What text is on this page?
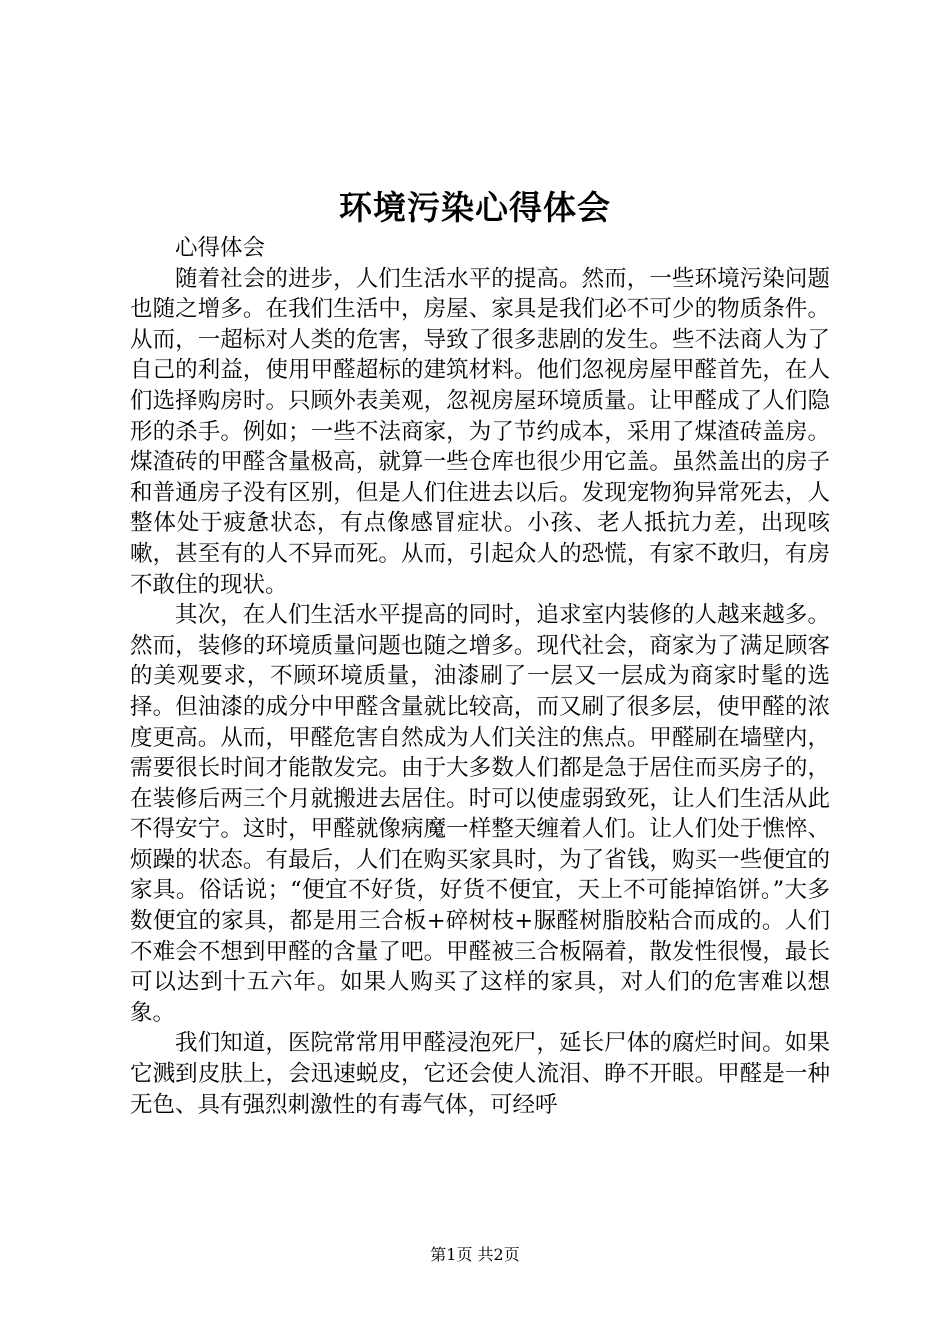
环境污染心得体会

心得体会

随着社会的进步，人们生活水平的提高。然而，一些环境污染问题也随之增多。在我们生活中，房屋、家具是我们必不可少的物质条件。从而，一超标对人类的危害，导致了很多悲剧的发生。些不法商人为了自己的利益，使用甲醛超标的建筑材料。他们忽视房屋甲醛首先，在人们选择购房时。只顾外表美观，忽视房屋环境质量。让甲醛成了人们隐形的杀手。例如；一些不法商家，为了节约成本，采用了煤渣砖盖房。煤渣砖的甲醛含量极高，就算一些仓库也很少用它盖。虽然盖出的房子和普通房子没有区别，但是人们住进去以后。发现宠物狗异常死去，人整体处于疲惫状态，有点像感冒症状。小孩、老人抵抗力差，出现咳嗽，甚至有的人不异而死。从而，引起众人的恐慌，有家不敢归，有房不敢住的现状。

其次，在人们生活水平提高的同时，追求室内装修的人越来越多。然而，装修的环境质量问题也随之增多。现代社会，商家为了满足顾客的美观要求，不顾环境质量，油漆刷了一层又一层成为商家时髦的选择。但油漆的成分中甲醛含量就比较高，而又刷了很多层，使甲醛的浓度更高。从而，甲醛危害自然成为人们关注的焦点。甲醛刷在墙壁内，需要很长时间才能散发完。由于大多数人们都是急于居住而买房子的，在装修后两三个月就搬进去居住。时可以使虚弱致死，让人们生活从此不得安宁。这时，甲醛就像病魔一样整天缠着人们。让人们处于憔悴、烦躁的状态。有最后，人们在购买家具时，为了省钱，购买一些便宜的家具。俗话说；“便宜不好货，好货不便宜，天上不可能掉馅饼。”大多数便宜的家具，都是用三合板+碎树枝+脲醛树脂胶粘合而成的。人们不难会不想到甲醛的含量了吧。甲醛被三合板隔着，散发性很慢，最长可以达到十五六年。如果人购买了这样的家具，对人们的危害难以想象。

我们知道，医院常常用甲醛浸泡死尸，延长尸体的腐烂时间。如果它溅到皮肤上，会迅速蜕皮，它还会使人流泪、睁不开眼。甲醛是一种无色、具有强烈刺激性的有毒气体，可经呼

第1页 共2页
